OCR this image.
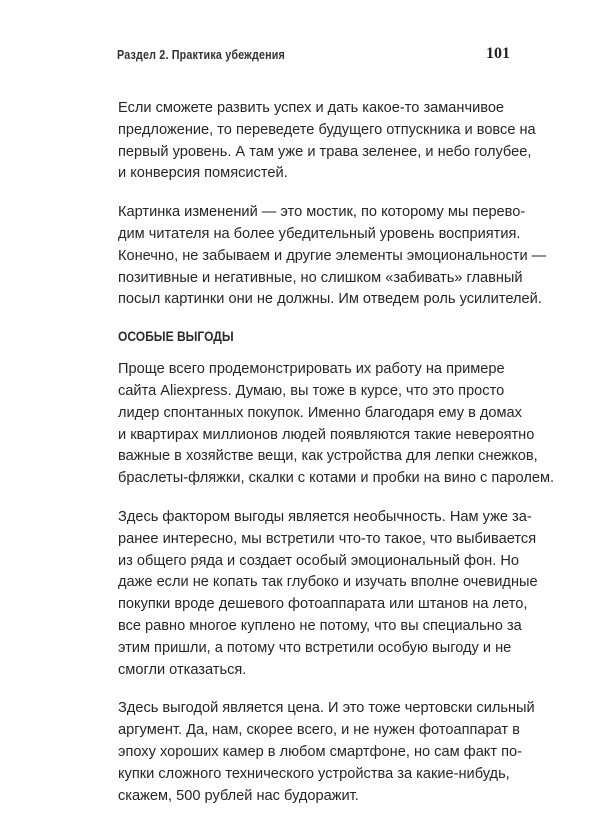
Раздел 2. Практика убеждения	101

Если сможете развить успех и дать какое-то заманчивое
предложение, то переведете будущего отпускника и вовсе на
первый уровень. А там уже и трава зеленее, и небо голубее,
и конверсия помясистей.

Картинка изменений — это мостик, по которому мы перево-
дим читателя на более убедительный уровень восприятия.
Конечно, не забываем и другие элементы эмоциональности —
позитивные и негативные, но слишком «забивать» главный
посыл картинки они не должны. Им отведем роль усилителей.

ОСОБЫЕ ВЫГОДЫ

Проще всего продемонстрировать их работу на примере
сайта Aliexpress. Думаю, вы тоже в курсе, что это просто
лидер спонтанных покупок. Именно благодаря ему в домах
и квартирах миллионов людей появляются такие невероятно
важные в хозяйстве вещи, как устройства для лепки снежков,
браслеты-фляжки, скалки с котами и пробки на вино с паролем.

Здесь фактором выгоды является необычность. Нам уже за-
ранее интересно, мы встретили что-то такое, что выбивается
из общего ряда и создает особый эмоциональный фон. Но
даже если не копать так глубоко и изучать вполне очевидные
покупки вроде дешевого фотоаппарата или штанов на лето,
все равно многое куплено не потому, что вы специально за
этим пришли, а потому что встретили особую выгоду и не
смогли отказаться.

Здесь выгодой является цена. И это тоже чертовски сильный
аргумент. Да, нам, скорее всего, и не нужен фотоаппарат в
эпоху хороших камер в любом смартфоне, но сам факт по-
купки сложного технического устройства за какие-нибудь,
скажем, 500 рублей нас будоражит.
